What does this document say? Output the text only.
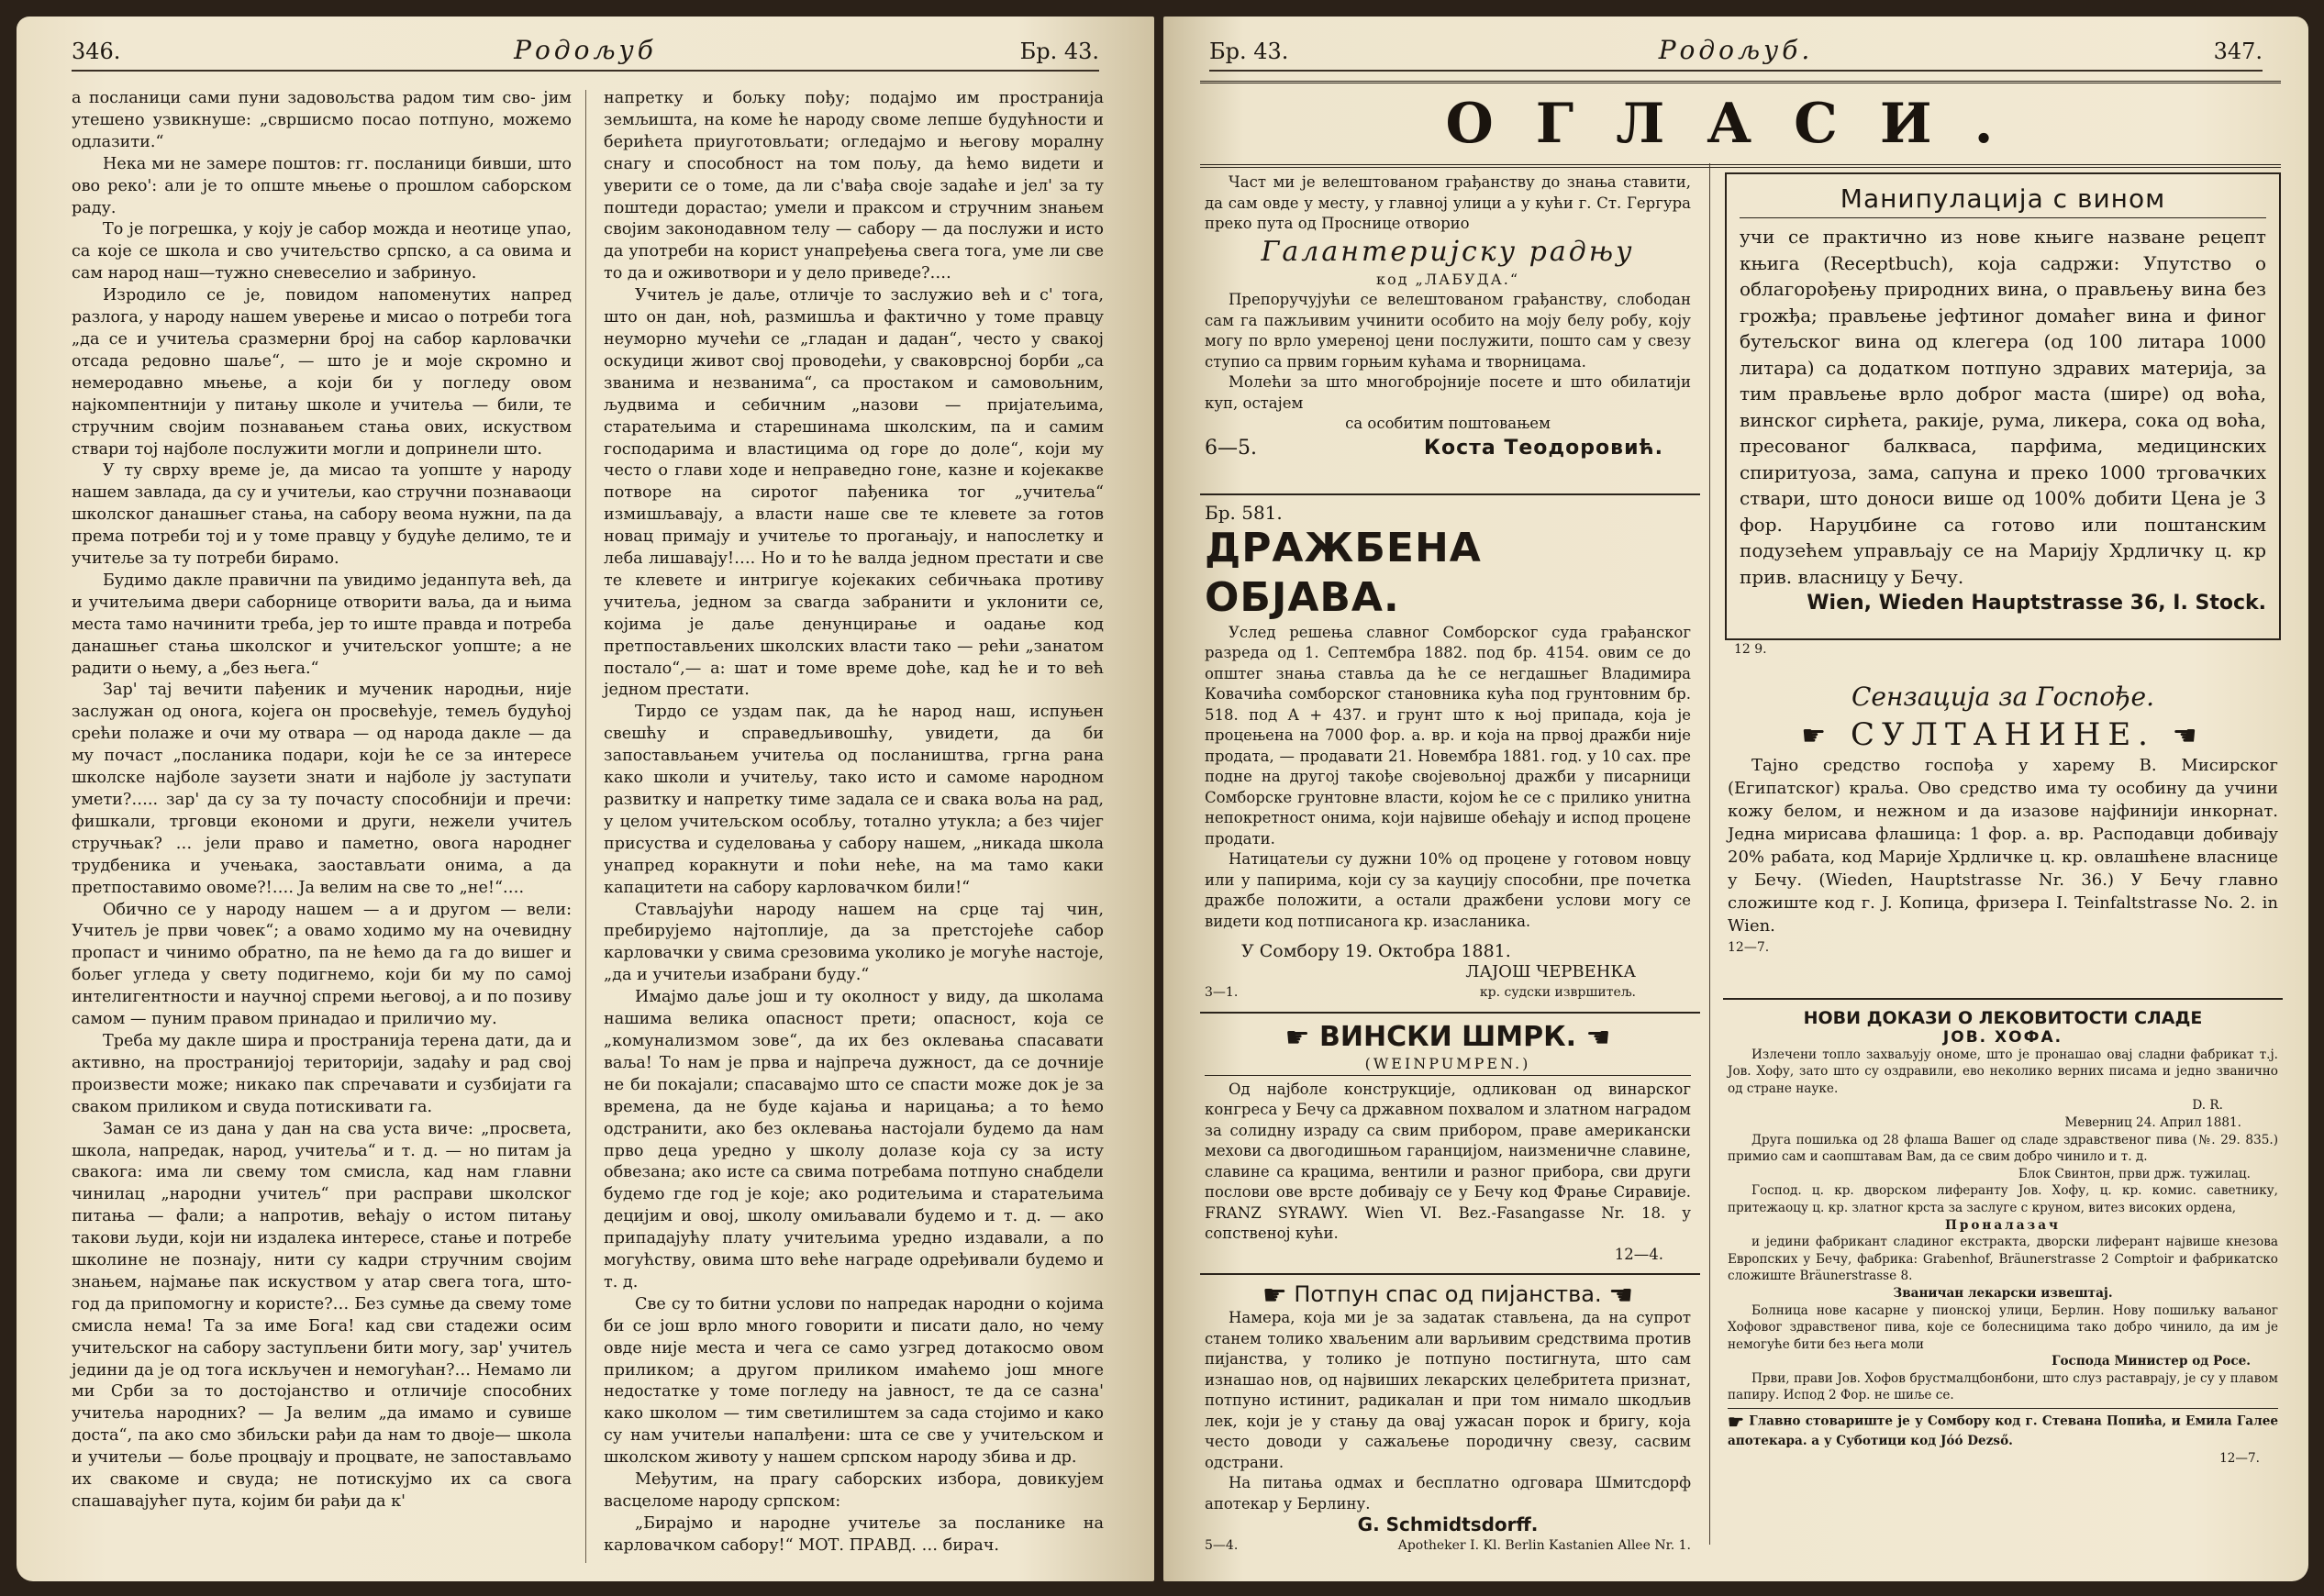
346.	Родољуб	Бр. 43.

а посланици сами пуни задовољства радом тим сво- јим утешено узвикнуше: „свршисмо посао потпуно, можемо одлазити.“

Нека ми не замере поштов: гг. посланици бивши, што ово рекo': али је то опште мњење о прошлом саборском раду.

То је погрешка, у коју је сабор можда и неотице упао, са које се школа и сво учитељство српско, а са овима и сам народ наш—тужно сневеселио и забринуо.

Изродило се је, повидом напоменутих напред разлога, у народу нашем уверење и мисао о потреби тога „да се и учитеља сразмерни број на сабор карловачки отсада редовно шаље“, — што је и моје скромно и немеродавно мњење, а који би у погледу овом најкомпентнији у питању школе и учитеља — били, те стручним својим познавањем стања ових, искуством ствари тој најболе послужити могли и допринели што.

У ту сврху време је, да мисао та уопште у народу нашем завлада, да су и учитељи, као стручни познаваоци школског данашњег стања, на сабору веома нужни, па да према потреби тој и у томе правцу у будуће делимо, те и учитеље за ту потреби бирамо.

Будимо дакле правични па увидимо једанпута већ, да и учитељима двери саборнице отворити ваља, да и њима места тамо начинити треба, јер то иште правда и потреба данашњег стања школског и учитељског уопште; а не радити о њему, а „без њега.“

Зар' тај вечити пађеник и мученик народњи, није заслужан од онога, којега он просвећује, темељ будућој срећи полаже и очи му отвара — од народа дакле — да му почаст „посланика подари, који ће се за интересе школске најболе заузети знати и најболе ју заступати умети?….. зар' да су за ту почасту способнији и пречи: фишкали, трговци економи и други, нежели учитељ стручњак? … јели право и паметно, овога народнег трудбеника и учењака, заостављати онима, а да претпоставимо овоме?!…. Ја велим на све то „не!“….

Обично се у народу нашем — а и другом — вели: Учитељ је први човек“; а овамо ходимо му на очевидну пропаст и чинимо обратно, па не ћемо да га до вишег и бољег угледа у свету подигнемо, који би му по самој интелигентности и научној спреми његовој, а и по позиву самом — пуним правом принадао и приличио му.

Треба му дакле шира и пространија терена дати, да и активно, на пространијој територији, задаћу и рад свој произвести може; никако пак спречавати и сузбијати га сваком приликом и свуда потискивати га.

Заман се из дана у дан на сва уста виче: „просвета, школа, напредак, народ, учитеља“ и т. д. — но питам ја свакога: има ли свему том смисла, кад нам главни чинилац „народни учитељ“ при расправи школског питања — фали; а напротив, већају о истом питању такови људи, који ни издалека интересе, стање и потребе школине не познају, нити су кадри стручним својим знањем, најмање пак искуством у атар свега тога, што-год да припомогну и користе?… Без сумње да свему томе смисла нема! Та за име Бога! кад сви стадежи осим учитељског на сабору заступљени бити могу, зар' учитељ једини да је од тога искључен и немогућан?… Немамо ли ми Срби за то достојанство и отличије способних учитеља народних? — Ја велим „да имамо и сувише доста“, па ако смо збиљски рађи да нам то двоје— школа и учитељи — боље процвају и процвате, не запостављамо их свакоме и свуда; не потискујмо их са свога спашавајућег пута, којим би рађи да к'

напретку и бољку пођу; подајмо им пространија земљишта, на коме ће народу своме лепше будућности и берићета приуготовљати; огледајмо и његову моралну снагу и способност на том пољу, да ћемо видети и уверити се о томе, да ли с'вађа своје задаће и јел' за ту поштеди дорастао; умели и праксом и стручним знањем својим законодавном телу — сабору — да послужи и исто да употреби на корист унапређења свега тога, уме ли све то да и оживотвори и у дело приведе?….

Учитељ је даље, отличје то заслужио већ и с' тога, што он дан, ноћ, размишља и фактично у томе правцу неуморно мучећи се „гладан и дадан“, честo у свакој оскудици живот свој проводећи, у сваковрсној борби „са званима и незванима“, са простаком и самовољним, људвима и себичним „назови — пријатељима, старатељима и старешинама школским, па и самим господарима и властицима од горе до доле“, који му често о глави ходе и неправедно гоне, казне и којекакве потворe на сиротог пађеника тог „учитеља“ измишљавају, а власти наше све те клевете за готов новац примају и учитеље то прогањају, и напослетку и леба лишавају!…. Но и то ће валда једном престати и све те клевете и интригуе којекаких себичњака противу учитеља, једном за свагда забранити и уклонити се, којима је даље денунцирање и оадање код претпостављених школских власти тако — рећи „занатом постало“,— а: шат и томе време доће, кад ће и то већ једном престати.

Тирдо се уздам пак, да ће народ наш, испуњен свешћу и справедљивошћу, увидети, да би запостављањем учитеља од послаништва, гргна рана како школи и учитељу, тако исто и самоме народном развитку и напретку тиме задала се и свака воља на рад, у целом учитељском особљу, тотално утукла; а без чијег присуства и суделовања у сабору нашем, „никада школа унапред коракнути и поћи неће, на ма тамо каки капацитети на сабору карловачком били!“

Стављајући народу нашем на срце тај чин, пребирујемо најтоплије, да за претстојеће сабор карловачки у свима срезовима уколико је могуће настоје, „да и учитељи изабрани буду.“

Имајмо даље још и ту околност у виду, да школама нашима велика опасност прети; опасност, која се „комунализмом зове“, да их без оклевања спасавати ваља! То нам је прва и најпреча дужност, да се дочније не би покајали; спасавајмо што се спасти може док је за времена, да не буде кајања и нарицања; а то ћемо одстранити, ако без оклевања настојали будемо да нам прво деца уредно у школу долазе која су за исту обвезана; ако исте са свима потребама потпуно снабдели будемо где год је које; ако родитељима и старатељима децијим и овој, школу омиљавали будемо и т. д. — ако припадајућу плату учитељима уредно издавали, а по могућству, овима што веће награде одређивали будемо и т. д.

Све су то битни услови по напредак народни о којима би се још врло много говорити и писати дало, но чему овде није места и чега се само узгред дотакосмо овом приликом; а другом приликом имаћемо још многе недостатке у томе погледу на јавност, те да се сазна' како школом — тим светилиштем за сада стојимо и како су нам учитељи напалђени: шта се све у учитељском и школском животу у нашем српском народу збива и др.

Међутим, на прагу саборских избора, довикујем васцеломе народу српском:

„Бирајмо и народне учитеље за посланике на карловачком сабору!“ МОТ. ПРАВД. … бирач.

Бр. 43.	Родољуб.	347.
ОГЛАСИ.

Част ми је велештованом грађанству до знања ставити, да сам овде у месту, у главној улици а у кући г. Ст. Гергура преко пута од Проснице отворио

Галантеријску радњу
код „ЛАБУДА.“

Препоручујући се велештованом грађанству, слободан сам га пажљивим учинити особито на мoју белу робу, коју могу по врло умереној цени послужити, пошто сам у свезу ступио са првим горњим кућама и творницама.

Молећи за што многобројније посете и што обилатији куп, остајем

са особитим поштовањем
6—5.	Коста Теодоровић.
Бр. 581.
ДРАЖБЕНА ОБЈАВА.

Услед решења славног Сомборског суда грађанског разреда од 1. Септембра 1882. под бр. 4154. овим се до општег знања ставља да ће се негдашњег Владимира Ковачића сомборског становника кућа под грунтовним бр. 518. под А + 437. и грунт што к њој припада, која је процењена на 7000 фор. а. вр. и која на првој дражби није продата, — продавати 21. Новембра 1881. год. у 10 сах. пре подне на другој такође својевољној дражби у писарници Сомборске грунтовне власти, којом ће се с прилико унитна непокретност онима, који највише обећају и испод процене продати.

Натицатељи су дужни 10% од процене у готовом новцу или у папирима, који су за кауцију способни, пре почетка дражбе положити, а остали дражбени услови могу се видети код потписанога кр. изасланика.

У Сомбору 19. Октобра 1881.
ЛАЈОШ ЧЕРВЕНКА
3—1.	кр. судски извршитељ.
☛ ВИНСКИ ШМРК. ☚
(WEINPUMPEN.)

Од најболе конструкције, одликован од винарског конгреса у Бечу са државном похвалом и златном наградом за солидну израду са свим прибором, праве американски мехови са двогодишњом гаранцијом, наизменичне славине, славине са крацима, вентили и разног прибора, сви други послови ове врсте добивају се у Бечу код Фрање Сиравије. FRANZ SYRAWY. Wien VI. Bez.-Fasangasse Nr. 18. у сопственој кући.

12—4.
☛ Потпун спас од пијанства. ☚

Намера, која ми је за задатак стављена, да на супрот станем толико хваљеним али варљивим средствима против пијанства, у толико је потпуно постигнута, што сам изнашао нов, од највиших лекарских целебритета признат, потпуно истинит, радикалан и при том нимало шкодљив лек, који је у стању да овај ужасан порок и бригу, која често доводи у сажаљење породичну свезу, сасвим одстрани.

На питања одмах и бесплатно одговара Шмитсдорф апотекар у Берлину.

G. Schmidtsdorff.
5—4.	Apotheker I. Kl. Berlin Kastanien Allee Nr. 1.
Манипулација с вином
учи се практично из нове књиге назване рецепт књига (Receptbuch), која садржи: Упутство о облагорођењу природних вина, о прављењу вина без грожђа; прављење јефтиног домаћег вина и финог бутељског вина од клегера (од 100 литара 1000 литара) са додатком потпуно здравих материја, за тим прављење врло доброг маста (шире) од воћа, винског сирћета, ракије, рума, ликера, сока од воћа, пресованог балкваса, парфима, медицинских спиритуоза, зама, сапуна и преко 1000 трговачких ствари, што доноси више од 100% добити Цена је 3 фор. Наруџбине са готово или поштанским подузећем управљају се на Марију Хрдличку ц. кр прив. власницу у Бечу.
Wien, Wieden Hauptstrasse 36, I. Stock.
12 9.
Сензација за Госпође.
☛ СУЛТАНИНЕ. ☚

Тајно средство госпођа у харему В. Мисирског (Египатског) краља. Ово средство има ту особину да учини кожу белом, и нежном и да изазове најфинији инкорнат. Једна мирисава флашица: 1 фор. а. вр. Расподавци добивају 20% рабата, код Марије Хрдличке ц. кр. овлашћене власнице у Бечу. (Wieden, Hauptstrasse Nr. 36.) У Бечу главно сложиште код г. J. Копица, фризера I. Teinfaltstrasse No. 2. in Wien.

12—7.
НОВИ ДОКАЗИ О ЛЕКОВИТОСТИ СЛАДЕ
ЈОВ. ХОФА.

Излечени топло захваљују ономе, што је пронашао овај сладни фабрикат т.ј. Јов. Хофу, зато што су оздравили, ево неколико верних писама и једно званично од стране науке.

D. R.
Меверниц 24. Април 1881.

Друга пошиљка од 28 флаша Вашег од сладе здравственог пива (№. 29. 835.) примио сам и саопштавам Вам, да се свим добро чинило и т. д.

Блок Свинтон, први држ. тужилац.

Господ. ц. кр. дворском лиферанту Јов. Хофу, ц. кр. комис. саветнику, притежаоцу ц. кр. златног крста за заслуге с круном, витез високих ордена,

Проналазач

и једини фабрикант сладиног екстракта, дворски лиферант највише кнезова Европских у Бечу, фабрика: Grabenhof, Bräunerstrasse 2 Comptoir и фабрикатско сложиште Bräunerstrasse 8.

Званичан лекарски извештај.

Болница нове касарне у пионској улици, Берлин. Нову пошиљку ваљаног Хофовог здравственог пива, које се болесницима тако добро чинило, да им је немогуће бити без њега моли

Господа Министер од Росе.

Први, прави Јов. Хофов брустмалцбонбони, што слуз раставрају, је су у плавом папиру. Испод 2 Фор. не шиље се.

☛ Главно стовариште је у Сомбору код г. Стевана Попића, и Емила Галее апотекара. а у Суботици код Jóó Dezső.
12—7.
